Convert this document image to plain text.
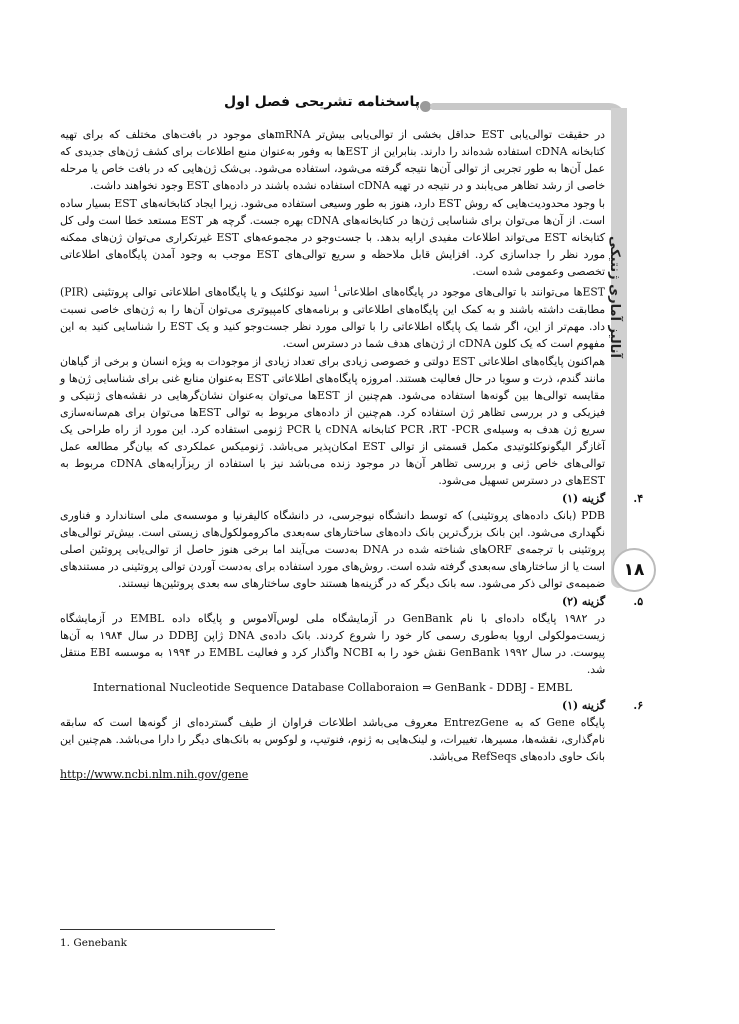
پاسخنامه تشریحی فصل اول
آنالیز آماری ژنتیکی
۱۸

در حقیقت توالی‌یابی EST حداقل بخشی از توالی‌یابی بیش‌تر mRNAهای موجود در بافت‌های مختلف که برای تهیه کتابخانه cDNA استفاده شده‌اند را دارند. بنابراین از ESTها به وفور به‌عنوان منبع اطلاعات برای کشف ژن‌های جدیدی که عمل آن‌ها به طور تجربی از توالی آن‌ها نتیجه گرفته می‌شود، استفاده می‌شود. بی‌شک ژن‌هایی که در بافت خاص یا مرحله خاصی از رشد تظاهر می‌یابند و در نتیجه در تهیه cDNA استفاده نشده باشند در داده‌های EST وجود نخواهند داشت.

با وجود محدودیت‌هایی که روش EST دارد، هنوز به طور وسیعی استفاده می‌شود. زیرا ایجاد کتابخانه‌های EST بسیار ساده است. از آن‌ها می‌توان برای شناسایی ژن‌ها در کتابخانه‌های cDNA بهره جست. گرچه هر EST مستعد خطا است ولی کل کتابخانه EST می‌تواند اطلاعات مفیدی ارایه بدهد. با جست‌وجو در مجموعه‌های EST غیرتکراری می‌توان ژن‌های ممکنه مورد نظر را جداسازی کرد. افزایش قابل ملاحظه و سریع توالی‌های EST موجب به وجود آمدن پایگاه‌های اطلاعاتی تخصصی وعمومی شده است.

ESTها می‌توانند با توالی‌های موجود در پایگاه‌های اطلاعاتی$^1$ اسید نوکلئیک و یا پایگاه‌های اطلاعاتی توالی پروتئینی (PIR) مطابقت داشته باشند و به کمک این پایگاه‌های اطلاعاتی و برنامه‌های کامپیوتری می‌توان آن‌ها را به ژن‌های خاصی نسبت داد. مهم‌تر از این، اگر شما یک پایگاه اطلاعاتی را با توالی مورد نظر جست‌وجو کنید و یک EST را شناسایی کنید به این مفهوم است که یک کلون cDNA از ژن‌های هدف شما در دسترس است.

هم‌اکنون پایگاه‌های اطلاعاتی EST دولتی و خصوصی زیادی برای تعداد زیادی از موجودات به ویژه انسان و برخی از گیاهان مانند گندم، ذرت و سویا در حال فعالیت هستند. امروزه پایگاه‌های اطلاعاتی EST به‌عنوان منابع غنی برای شناسایی ژن‌ها و مقایسه توالی‌ها بین گونه‌ها استفاده می‌شود. هم‌چنین از ESTها می‌توان به‌عنوان نشان‌گرهایی در نقشه‌های ژنتیکی و فیزیکی و در بررسی تظاهر ژن استفاده کرد. هم‌چنین از داده‌های مربوط به توالی ESTها می‌توان برای هم‌سانه‌سازی سریع ژن هدف به وسیله‌ی PCR ،RT -PCR کتابخانه cDNA یا PCR ژنومی استفاده کرد. این مورد از راه طراحی یک آغازگر الیگونوکلئوتیدی مکمل قسمتی از توالی EST امکان‌پذیر می‌باشد. ژنومیکس عملکردی که بیان‌گر مطالعه عمل توالی‌های خاص ژنی و بررسی تظاهر آن‌ها در موجود زنده می‌باشد نیز با استفاده از ریزآرایه‌های cDNA مربوط به ESTهای در دسترس تسهیل می‌شود.

۴.
گزینه (۱)

PDB (بانک داده‌های پروتئینی) که توسط دانشگاه نیوجرسی، در دانشگاه کالیفرنیا و موسسه‌ی ملی استاندارد و فناوری نگهداری می‌شود. این بانک بزرگ‌ترین بانک داده‌های ساختارهای سه‌بعدی ماکرومولکول‌های زیستی است. بیش‌تر توالی‌های پروتئینی با ترجمه‌ی ORFهای شناخته شده در DNA به‌دست می‌آیند اما برخی هنوز حاصل از توالی‌یابی پروتئین اصلی است یا از ساختارهای سه‌بعدی گرفته شده است. روش‌های مورد استفاده برای به‌دست آوردن توالی پروتئینی در مستندهای ضمیمه‌ی توالی ذکر می‌شود. سه بانک دیگر که در گزینه‌ها هستند حاوی ساختارهای سه بعدی پروتئین‌ها نیستند.

۵.
گزینه (۲)

در ۱۹۸۲ پایگاه داده‌ای با نام GenBank در آزمایشگاه ملی لوس‌آلاموس و پایگاه داده EMBL در آزمایشگاه زیست‌مولکولی اروپا به‌طوری رسمی کار خود را شروع کردند. بانک داده‌ی DNA ژاپن DDBJ در سال ۱۹۸۴ به آن‌ها پیوست. در سال ۱۹۹۲ GenBank نقش خود را به NCBI واگذار کرد و فعالیت EMBL در ۱۹۹۴ به موسسه EBI منتقل شد.

International Nucleotide Sequence Database Collaboraion ⇒ GenBank - DDBJ - EMBL

۶.
گزینه (۱)

پایگاه Gene که به EntrezGene معروف می‌باشد اطلاعات فراوان از طیف گسترده‌ای از گونه‌ها است که سابقه نام‌گذاری، نقشه‌ها، مسیرها، تغییرات، و لینک‌هایی به ژنوم، فنوتیپ، و لوکوس به بانک‌های دیگر را دارا می‌باشد. هم‌چنین این بانک حاوی داده‌های RefSeqs می‌باشد.

http://www.ncbi.nlm.nih.gov/gene

1. Genebank
